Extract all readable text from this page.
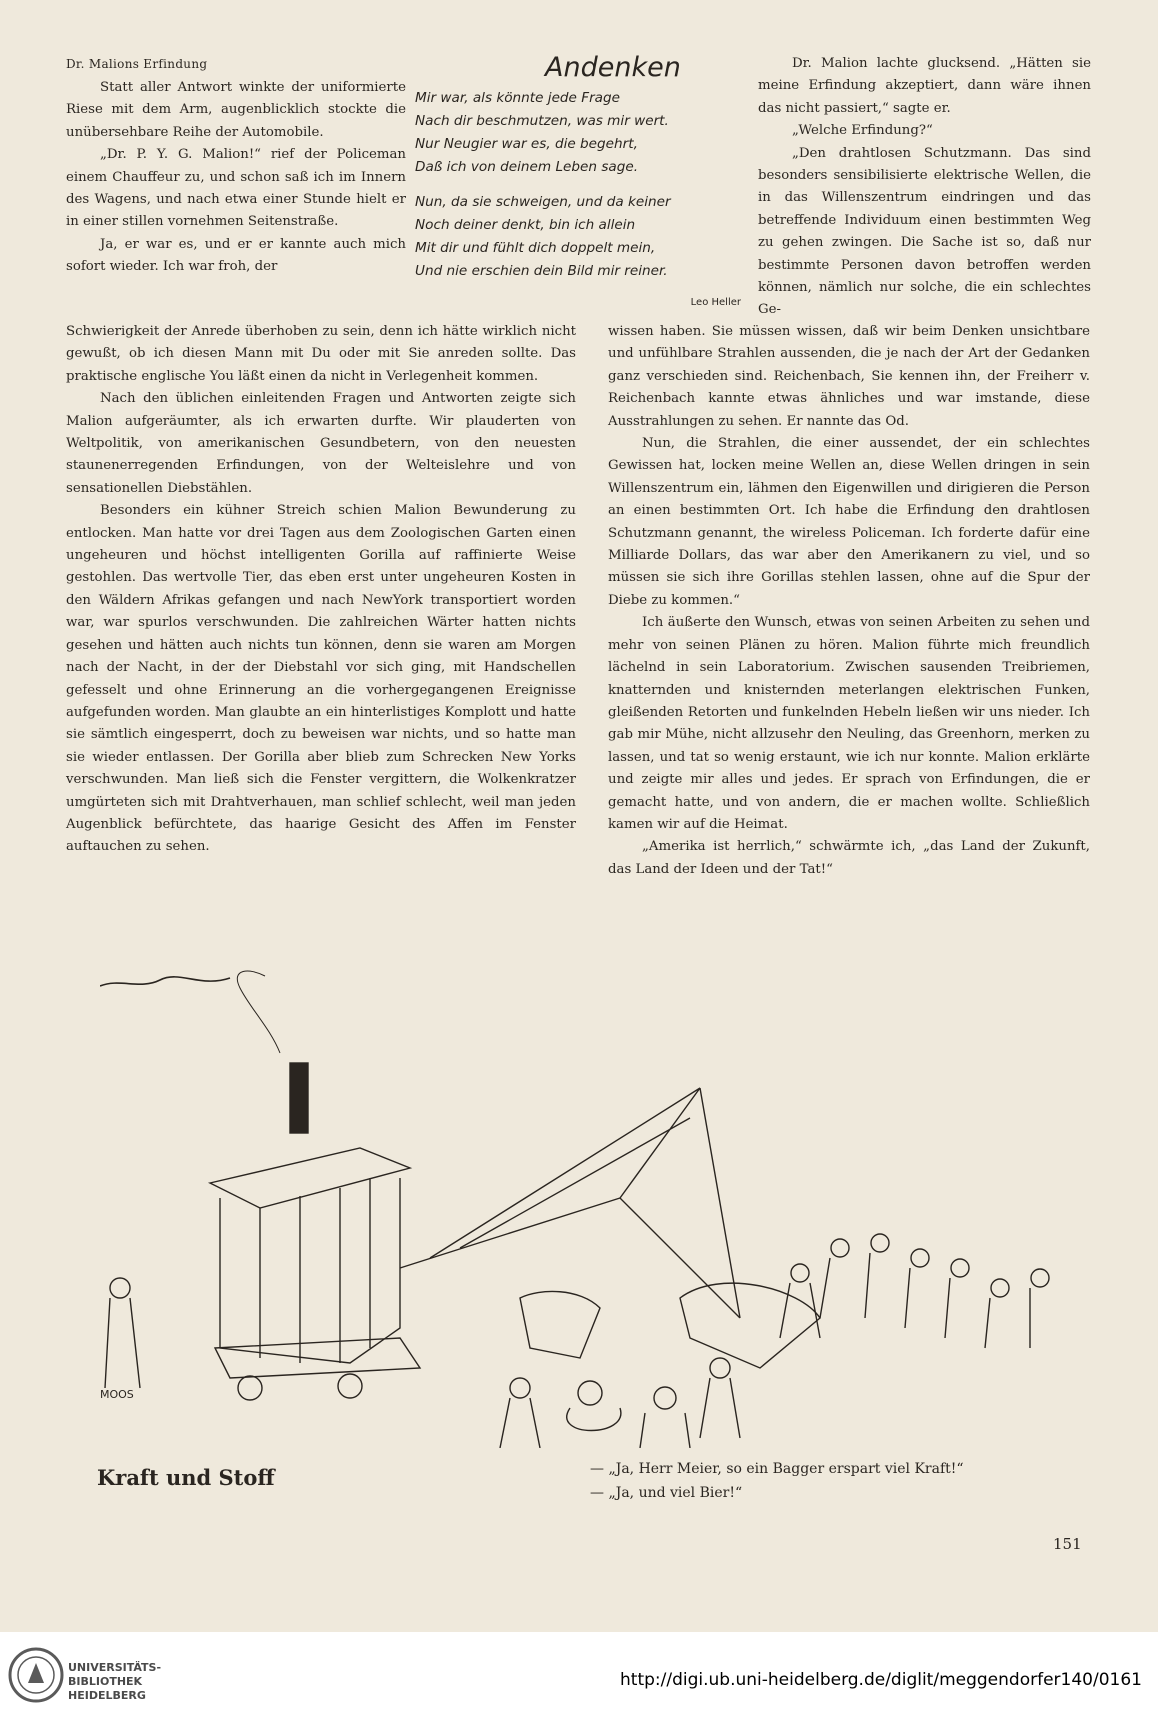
Dr. Malions Erfindung	Andenken
Mir war, als könnte jede Frage
Nach dir beschmutzen, was mir wert.
Nur Neugier war es, die begehrt,
Daß ich von deinem Leben sage.
Nun, da sie schweigen, und da keiner
Noch deiner denkt, bin ich allein
Mit dir und fühlt dich doppelt mein,
Und nie erschien dein Bild mir reiner.
Leo Heller

Statt aller Antwort winkte der uniformierte Riese mit dem Arm, augenblicklich stockte die unübersehbare Reihe der Automobile.

„Dr. P. Y. G. Malion!“ rief der Policeman einem Chauffeur zu, und schon saß ich im Innern des Wagens, und nach etwa einer Stunde hielt er in einer stillen vornehmen Seitenstraße.

Ja, er war es, und er er kannte auch mich sofort wieder. Ich war froh, der

Schwierigkeit der Anrede überhoben zu sein, denn ich hätte wirklich nicht gewußt, ob ich diesen Mann mit Du oder mit Sie anreden sollte. Das praktische englische You läßt einen da nicht in Verlegenheit kommen.

Nach den üblichen einleitenden Fragen und Antworten zeigte sich Malion aufgeräumter, als ich erwarten durfte. Wir plauderten von Weltpolitik, von amerikanischen Gesundbetern, von den neuesten staunenerregenden Erfindungen, von der Welteislehre und von sensationellen Diebstählen.

Besonders ein kühner Streich schien Malion Bewunderung zu entlocken. Man hatte vor drei Tagen aus dem Zoologischen Garten einen ungeheuren und höchst intelligenten Gorilla auf raffinierte Weise gestohlen. Das wertvolle Tier, das eben erst unter ungeheuren Kosten in den Wäldern Afrikas gefangen und nach NewYork transportiert worden war, war spurlos verschwunden. Die zahlreichen Wärter hatten nichts gesehen und hätten auch nichts tun können, denn sie waren am Morgen nach der Nacht, in der der Diebstahl vor sich ging, mit Handschellen gefesselt und ohne Erinnerung an die vorhergegangenen Ereignisse aufgefunden worden. Man glaubte an ein hinterlistiges Komplott und hatte sie sämtlich eingesperrt, doch zu beweisen war nichts, und so hatte man sie wieder entlassen. Der Gorilla aber blieb zum Schrecken New Yorks verschwunden. Man ließ sich die Fenster vergittern, die Wolkenkratzer umgürteten sich mit Drahtverhauen, man schlief schlecht, weil man jeden Augenblick befürchtete, das haarige Gesicht des Affen im Fenster auftauchen zu sehen.

Dr. Malion lachte glucksend. „Hätten sie meine Erfindung akzeptiert, dann wäre ihnen das nicht passiert,“ sagte er.

„Welche Erfindung?“

„Den drahtlosen Schutzmann. Das sind besonders sensibilisierte elektrische Wellen, die in das Willenszentrum eindringen und das betreffende Individuum einen bestimmten Weg zu gehen zwingen. Die Sache ist so, daß nur bestimmte Personen davon betroffen werden können, nämlich nur solche, die ein schlechtes Ge-

wissen haben. Sie müssen wissen, daß wir beim Denken unsichtbare und unfühlbare Strahlen aussenden, die je nach der Art der Gedanken ganz verschieden sind. Reichenbach, Sie kennen ihn, der Freiherr v. Reichenbach kannte etwas ähnliches und war imstande, diese Ausstrahlungen zu sehen. Er nannte das Od.

Nun, die Strahlen, die einer aussendet, der ein schlechtes Gewissen hat, locken meine Wellen an, diese Wellen dringen in sein Willenszentrum ein, lähmen den Eigenwillen und dirigieren die Person an einen bestimmten Ort. Ich habe die Erfindung den drahtlosen Schutzmann genannt, the wireless Policeman. Ich forderte dafür eine Milliarde Dollars, das war aber den Amerikanern zu viel, und so müssen sie sich ihre Gorillas stehlen lassen, ohne auf die Spur der Diebe zu kommen.“

Ich äußerte den Wunsch, etwas von seinen Arbeiten zu sehen und mehr von seinen Plänen zu hören. Malion führte mich freundlich lächelnd in sein Laboratorium. Zwischen sausenden Treibriemen, knatternden und knisternden meterlangen elektrischen Funken, gleißenden Retorten und funkelnden Hebeln ließen wir uns nieder. Ich gab mir Mühe, nicht allzusehr den Neuling, das Greenhorn, merken zu lassen, und tat so wenig erstaunt, wie ich nur konnte. Malion erklärte und zeigte mir alles und jedes. Er sprach von Erfindungen, die er gemacht hatte, und von andern, die er machen wollte. Schließlich kamen wir auf die Heimat.

„Amerika ist herrlich,“ schwärmte ich, „das Land der Zukunft, das Land der Ideen und der Tat!“

MOOS
Kraft und Stoff	— „Ja, Herr Meier, so ein Bagger erspart viel Kraft!“
— „Ja, und viel Bier!“
151
UNIVERSITÄTS-
BIBLIOTHEK
HEIDELBERG
http://digi.ub.uni-heidelberg.de/diglit/meggendorfer140/0161
